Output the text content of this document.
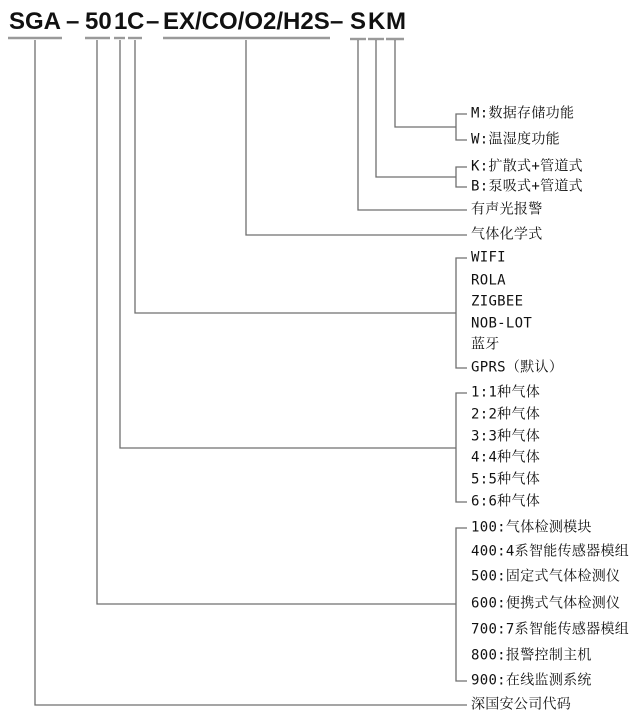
SGA – 50 1 C – EX/CO/O2/H2S – S K M
M:数据存储功能
W:温湿度功能
K:扩散式+管道式
B:泵吸式+管道式
有声光报警
气体化学式
WIFI
ROLA
ZIGBEE
NOB-LOT
蓝牙
GPRS（默认）
1:1种气体
2:2种气体
3:3种气体
4:4种气体
5:5种气体
6:6种气体
100:气体检测模块
400:4系智能传感器模组
500:固定式气体检测仪
600:便携式气体检测仪
700:7系智能传感器模组
800:报警控制主机
900:在线监测系统
深国安公司代码
